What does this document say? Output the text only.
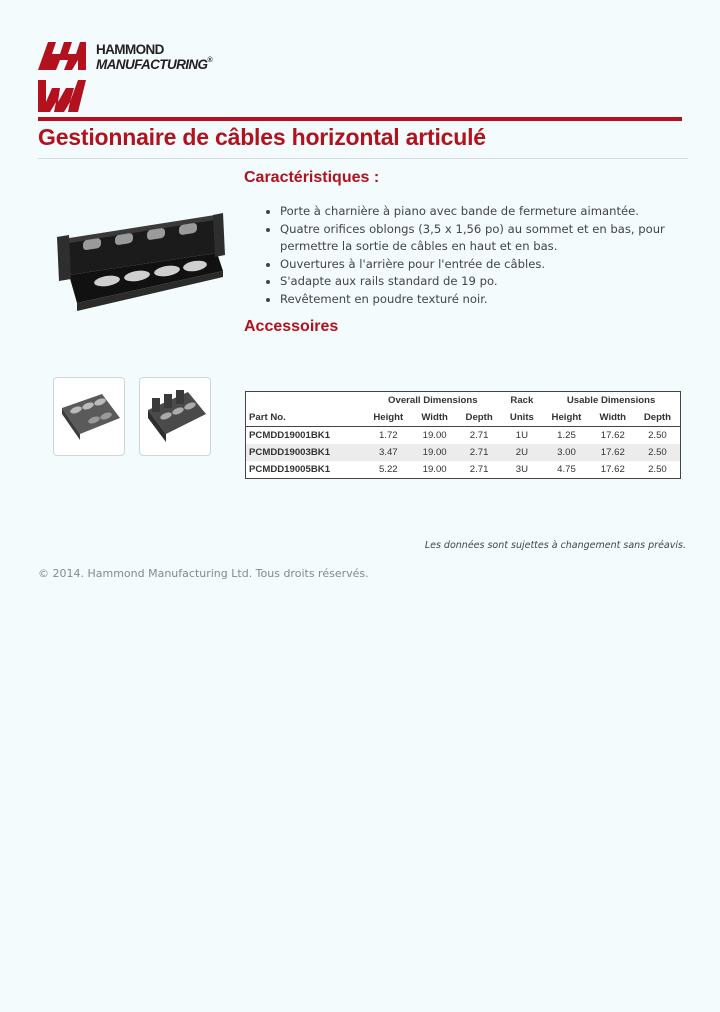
HAMMOND
MANUFACTURING®
Gestionnaire de câbles horizontal articulé
Caractéristiques :
• Porte à charnière à piano avec bande de fermeture aimantée.
• Quatre orifices oblongs (3,5 x 1,56 po) au sommet et en bas, pour permettre la sortie de câbles en haut et en bas.
• Ouvertures à l'arrière pour l'entrée de câbles.
• S'adapte aux rails standard de 19 po.
• Revêtement en poudre texturé noir.
Accessoires
	Overall Dimensions			Rack	Usable Dimensions		
Part No.	Height	Width	Depth	Units	Height	Width	Depth
PCMDD19001BK1	1.72	19.00	2.71	1U	1.25	17.62	2.50
PCMDD19003BK1	3.47	19.00	2.71	2U	3.00	17.62	2.50
PCMDD19005BK1	5.22	19.00	2.71	3U	4.75	17.62	2.50
Les données sont sujettes à changement sans préavis.
© 2014. Hammond Manufacturing Ltd. Tous droits réservés.
